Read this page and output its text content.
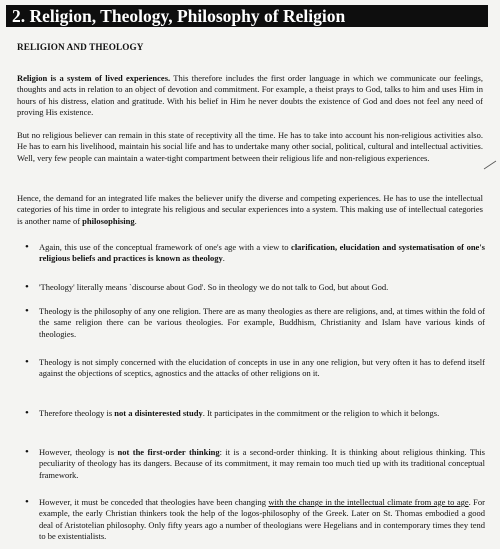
2. Religion, Theology, Philosophy of Religion
RELIGION AND THEOLOGY

Religion is a system of lived experiences. This therefore includes the first order language in which we communicate our feelings, thoughts and acts in relation to an object of devotion and commitment. For example, a theist prays to God, talks to him and uses Him in hours of his distress, elation and gratitude. With his belief in Him he never doubts the existence of God and does not feel any need of proving His existence.

But no religious believer can remain in this state of receptivity all the time. He has to take into account his non-religious activities also. He has to earn his livelihood, maintain his social life and has to undertake many other social, political, cultural and intellectual activities. Well, very few people can maintain a water-tight compartment between their religious life and non-religious experiences.

Hence, the demand for an integrated life makes the believer unify the diverse and competing experiences. He has to use the intellectual categories of his time in order to integrate his religious and secular experiences into a system. This making use of intellectual categories is another name of philosophising.

• Again, this use of the conceptual framework of one's age with a view to clarification, elucidation and systematisation of one's religious beliefs and practices is known as theology.

• 'Theology' literally means `discourse about God'. So in theology we do not talk to God, but about God.

• Theology is the philosophy of any one religion. There are as many theologies as there are religions, and, at times within the fold of the same religion there can be various theologies. For example, Buddhism, Christianity and Islam have various kinds of theologies.

• Theology is not simply concerned with the elucidation of concepts in use in any one religion, but very often it has to defend itself against the objections of sceptics, agnostics and the attacks of other religions on it.

• Therefore theology is not a disinterested study. It participates in the commitment or the religion to which it belongs.

• However, theology is not the first-order thinking: it is a second-order thinking. It is thinking about religious thinking. This peculiarity of theology has its dangers. Because of its commitment, it may remain too much tied up with its traditional conceptual framework.

• However, it must be conceded that theologies have been changing with the change in the intellectual climate from age to age. For example, the early Christian thinkers took the help of the logos-philosophy of the Greek. Later on St. Thomas embodied a good deal of Aristotelian philosophy. Only fifty years ago a number of theologians were Hegelians and in contemporary times they tend to be existentialists.
